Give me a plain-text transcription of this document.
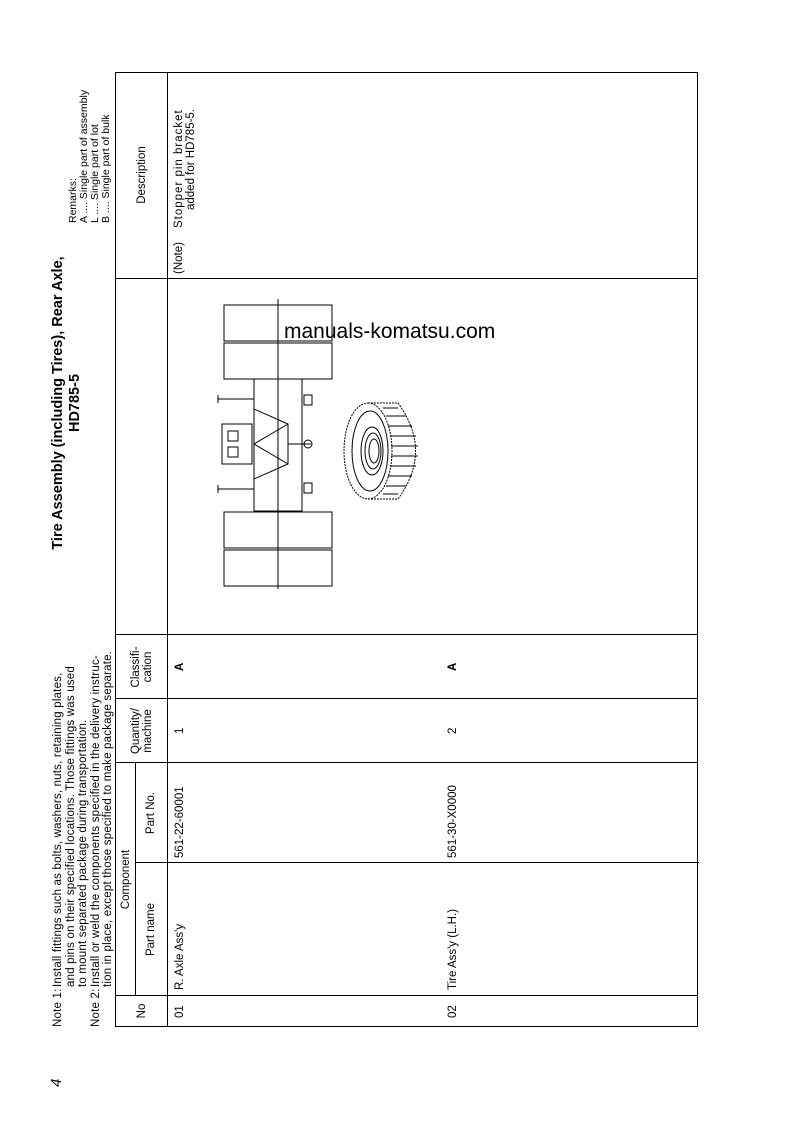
Note 1:
Install fittings such as bolts, washers, nuts, retaining plates, and pins on their specified locations. Those fittings was used to mount separated package during transportation.
Note 2:
Install or weld the components specified in the delivery instruc- tion in place, except those specified to make package separate.
Tire Assembly (including Tires), Rear Axle, HD785-5
Remarks: A .... Single part of assembly L .... Single part of lot B .... Single part of bulk
No
Component
Part name
Part No.
Quantity/ machine
Classifi- cation
Description
01
R. Axle Ass'y
561-22-60001
1
A
02
Tire Ass'y (L.H.)
561-30-X0000
2
A
(Note)
Stopper pin bracket added for HD785-5.
4
manuals-komatsu.com
